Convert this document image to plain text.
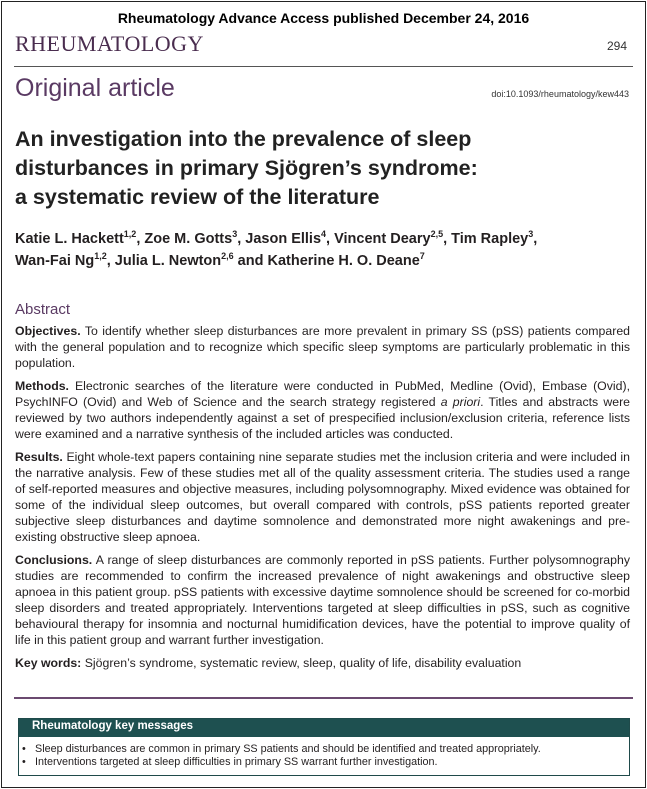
Rheumatology Advance Access published December 24, 2016
RHEUMATOLOGY	294
Original article	doi:10.1093/rheumatology/kew443
An investigation into the prevalence of sleep
disturbances in primary Sjögren’s syndrome:
a systematic review of the literature
Katie L. Hackett$^{1,2}$, Zoe M. Gotts$^3$, Jason Ellis$^4$, Vincent Deary$^{2,5}$, Tim Rapley$^3$,
Wan-Fai Ng$^{1,2}$, Julia L. Newton$^{2,6}$ and Katherine H. O. Deane$^7$
Abstract

Objectives. To identify whether sleep disturbances are more prevalent in primary SS (pSS) patients compared with the general population and to recognize which specific sleep symptoms are particularly problematic in this population.

Methods. Electronic searches of the literature were conducted in PubMed, Medline (Ovid), Embase (Ovid), PsychINFO (Ovid) and Web of Science and the search strategy registered a priori. Titles and abstracts were reviewed by two authors independently against a set of prespecified inclusion/exclusion criteria, reference lists were examined and a narrative synthesis of the included articles was conducted.

Results. Eight whole-text papers containing nine separate studies met the inclusion criteria and were included in the narrative analysis. Few of these studies met all of the quality assessment criteria. The studies used a range of self-reported measures and objective measures, including polysomnography. Mixed evidence was obtained for some of the individual sleep outcomes, but overall compared with controls, pSS patients reported greater subjective sleep disturbances and daytime somnolence and demonstrated more night awakenings and pre-existing obstructive sleep apnoea.

Conclusions. A range of sleep disturbances are commonly reported in pSS patients. Further polysomnography studies are recommended to confirm the increased prevalence of night awakenings and obstructive sleep apnoea in this patient group. pSS patients with excessive daytime somnolence should be screened for co-morbid sleep disorders and treated appropriately. Interventions targeted at sleep difficulties in pSS, such as cognitive behavioural therapy for insomnia and nocturnal humidification devices, have the potential to improve quality of life in this patient group and warrant further investigation.

Key words: Sjögren’s syndrome, systematic review, sleep, quality of life, disability evaluation

Rheumatology key messages
• Sleep disturbances are common in primary SS patients and should be identified and treated appropriately.
• Interventions targeted at sleep difficulties in primary SS warrant further investigation.
